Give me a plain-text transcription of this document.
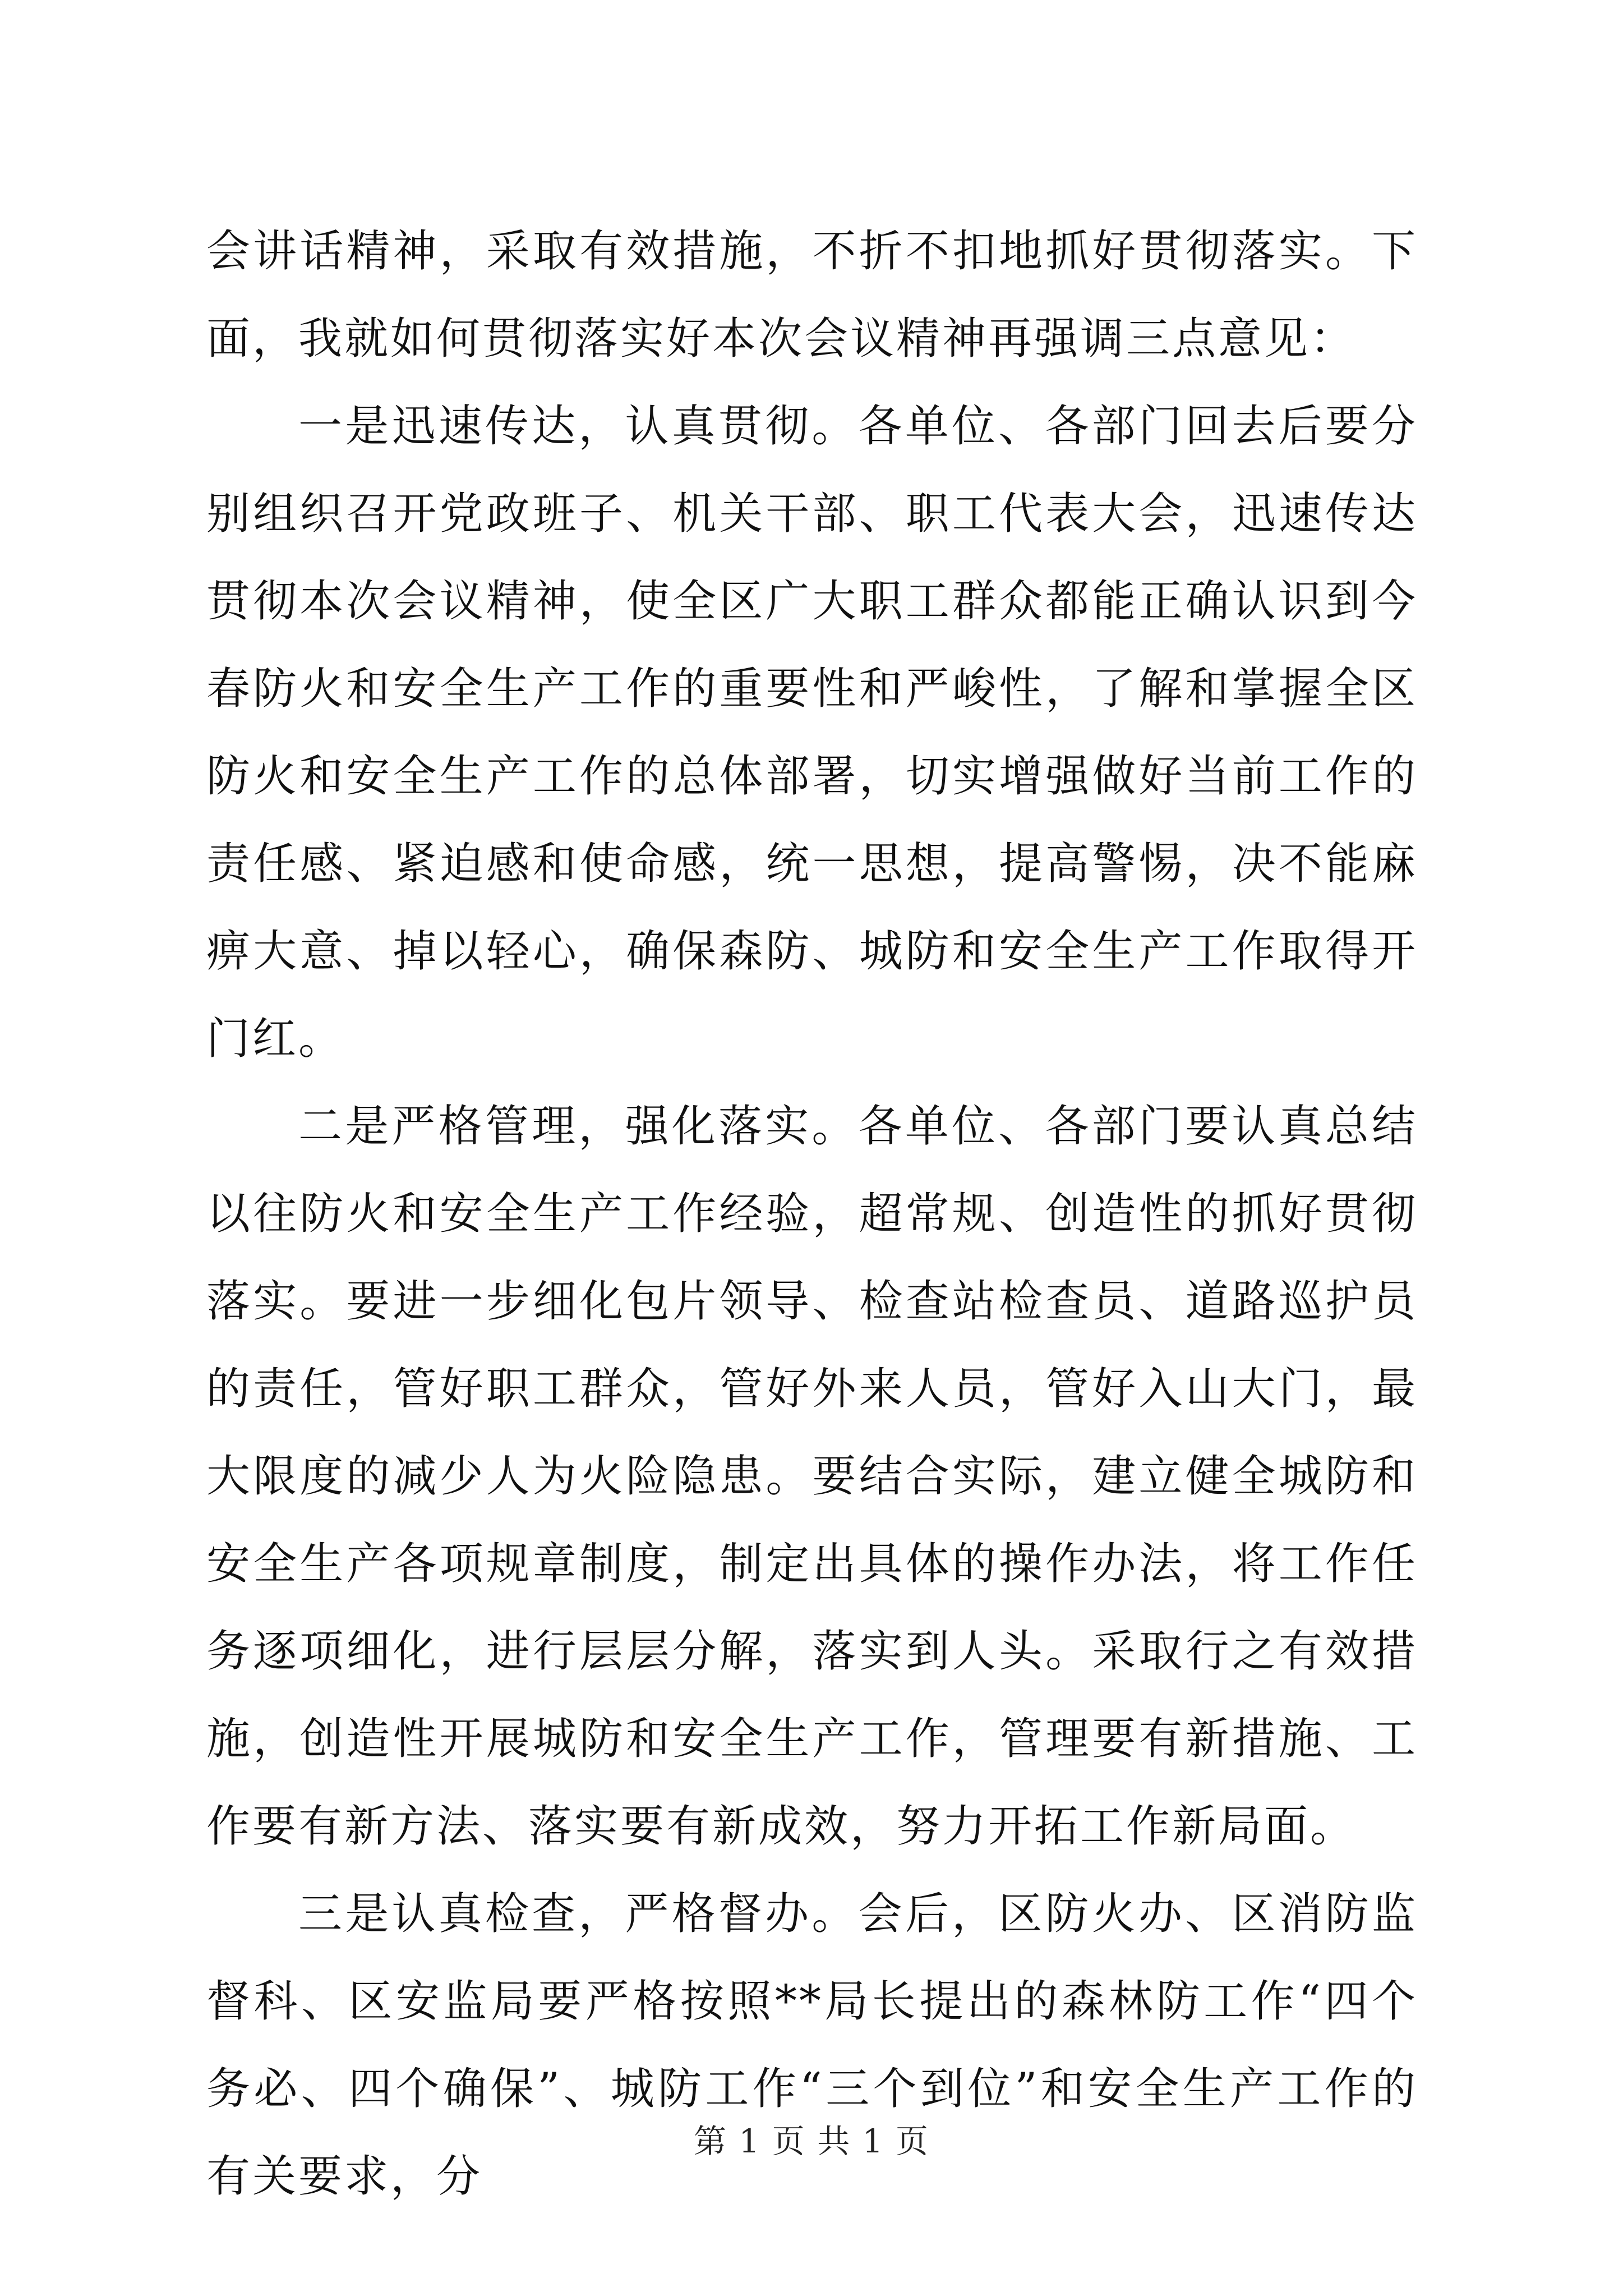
会讲话精神，采取有效措施，不折不扣地抓好贯彻落实。下面，我就如何贯彻落实好本次会议精神再强调三点意见：

一是迅速传达，认真贯彻。各单位、各部门回去后要分别组织召开党政班子、机关干部、职工代表大会，迅速传达贯彻本次会议精神，使全区广大职工群众都能正确认识到今春防火和安全生产工作的重要性和严峻性，了解和掌握全区防火和安全生产工作的总体部署，切实增强做好当前工作的责任感、紧迫感和使命感，统一思想，提高警惕，决不能麻痹大意、掉以轻心，确保森防、城防和安全生产工作取得开门红。

二是严格管理，强化落实。各单位、各部门要认真总结以往防火和安全生产工作经验，超常规、创造性的抓好贯彻落实。要进一步细化包片领导、检查站检查员、道路巡护员的责任，管好职工群众，管好外来人员，管好入山大门，最大限度的减少人为火险隐患。要结合实际，建立健全城防和安全生产各项规章制度，制定出具体的操作办法，将工作任务逐项细化，进行层层分解，落实到人头。采取行之有效措施，创造性开展城防和安全生产工作，管理要有新措施、工作要有新方法、落实要有新成效，努力开拓工作新局面。

三是认真检查，严格督办。会后，区防火办、区消防监督科、区安监局要严格按照**局长提出的森林防工作“四个务必、四个确保”、城防工作“三个到位”和安全生产工作的有关要求，分

第 1 页 共 1 页
